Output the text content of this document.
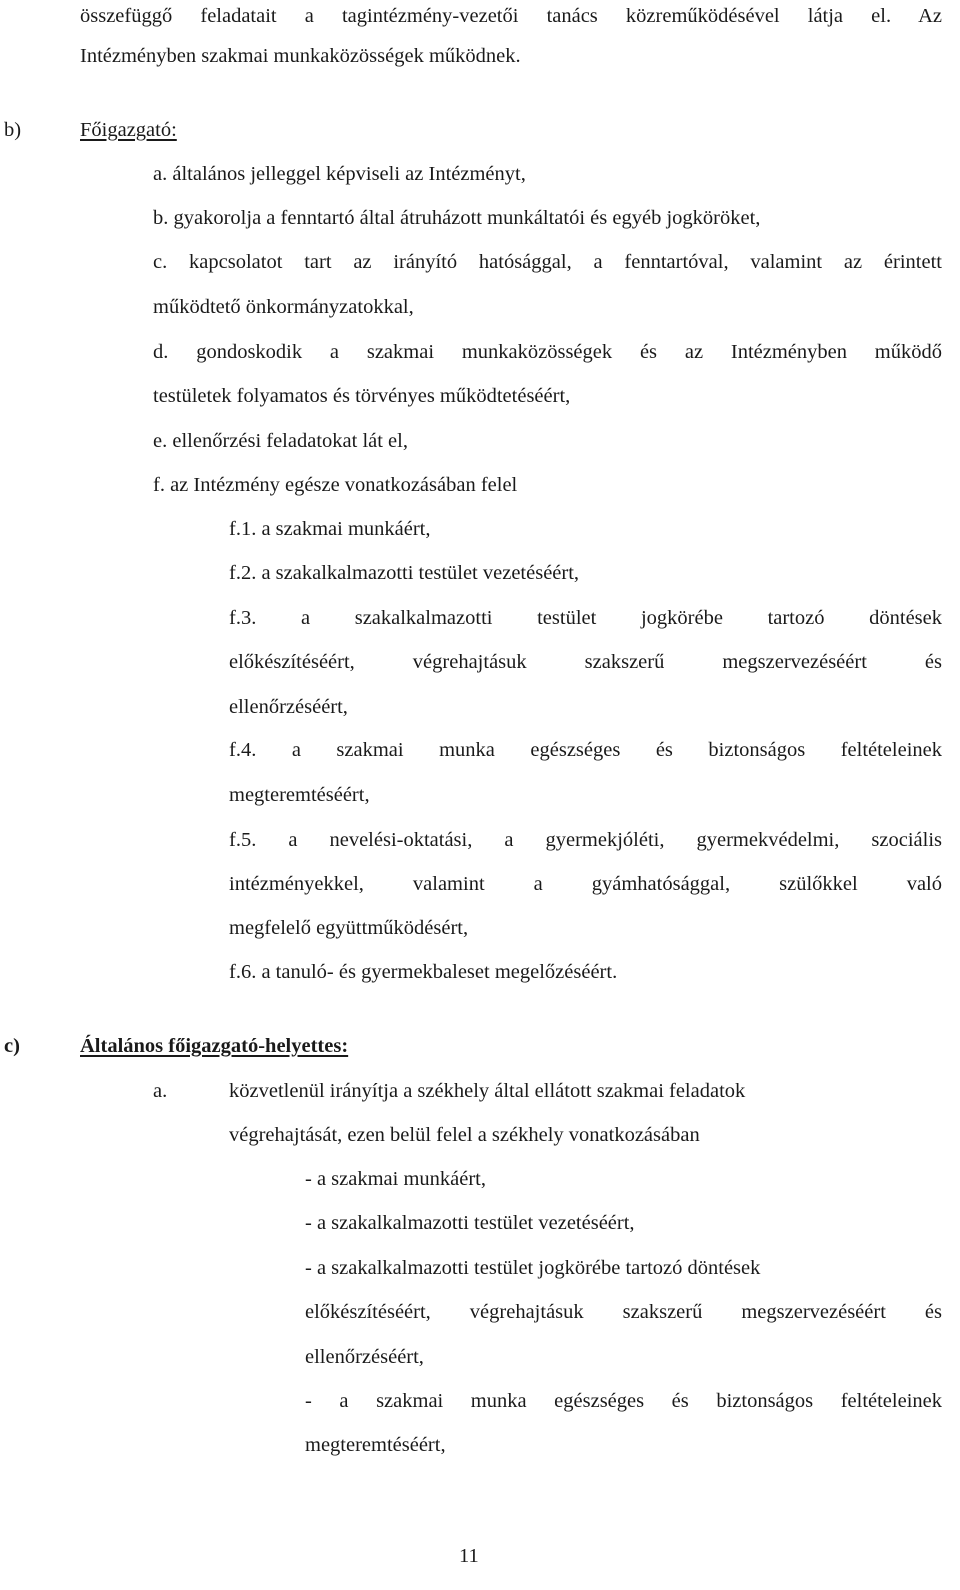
összefüggő feladatait a tagintézmény-vezetői tanács közreműködésével látja el. Az
Intézményben szakmai munkaközösségek működnek.
b)	Főigazgató:
a. általános jelleggel képviseli az Intézményt,
b. gyakorolja a fenntartó által átruházott munkáltatói és egyéb jogköröket,
c. kapcsolatot tart az irányító hatósággal, a fenntartóval, valamint az érintett
működtető önkormányzatokkal,
d. gondoskodik a szakmai munkaközösségek és az Intézményben működő
testületek folyamatos és törvényes működtetéséért,
e. ellenőrzési feladatokat lát el,
f. az Intézmény egésze vonatkozásában felel
f.1. a szakmai munkáért,
f.2. a szakalkalmazotti testület vezetéséért,
f.3. a szakalkalmazotti testület jogkörébe tartozó döntések
előkészítéséért, végrehajtásuk szakszerű megszervezéséért és
ellenőrzéséért,
f.4. a szakmai munka egészséges és biztonságos feltételeinek
megteremtéséért,
f.5. a nevelési-oktatási, a gyermekjóléti, gyermekvédelmi, szociális
intézményekkel, valamint a gyámhatósággal, szülőkkel való
megfelelő együttműködésért,
f.6. a tanuló- és gyermekbaleset megelőzéséért.
c)	Általános főigazgató-helyettes:
a.	közvetlenül irányítja a székhely által ellátott szakmai feladatok
végrehajtását, ezen belül felel a székhely vonatkozásában
- a szakmai munkáért,
- a szakalkalmazotti testület vezetéséért,
- a szakalkalmazotti testület jogkörébe tartozó döntések
előkészítéséért, végrehajtásuk szakszerű megszervezéséért és
ellenőrzéséért,
- a szakmai munka egészséges és biztonságos feltételeinek
megteremtéséért,
11
